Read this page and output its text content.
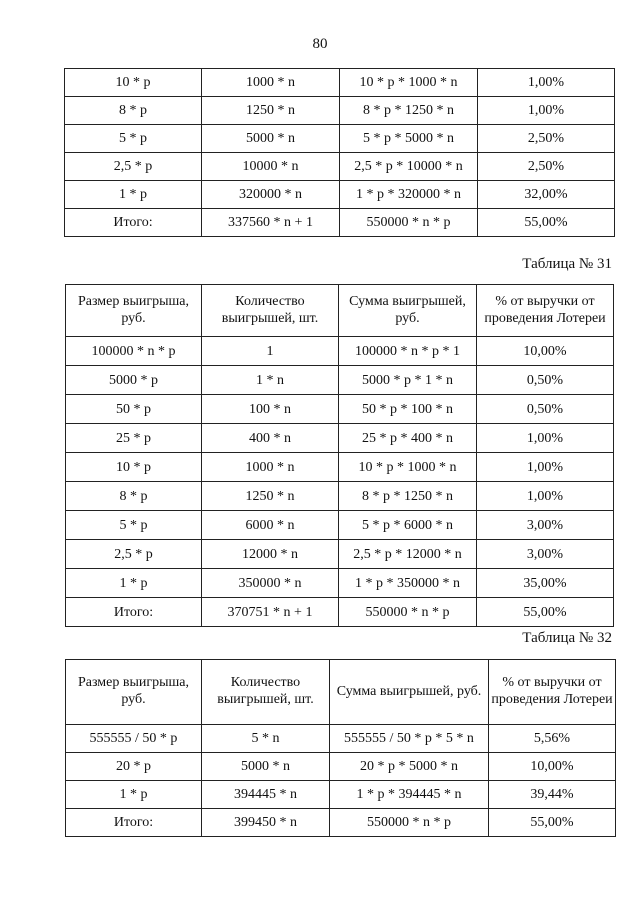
80
10 * р	1000 * n	10 * р * 1000 * n	1,00%
8 * р	1250 * n	8 * р * 1250 * n	1,00%
5 * р	5000 * n	5 * р * 5000 * n	2,50%
2,5 * р	10000 * n	2,5 * р * 10000 * n	2,50%
1 * р	320000 * n	1 * р * 320000 * n	32,00%
Итого:	337560 * n + 1	550000 * n * р	55,00%
Таблица № 31
Размер выигрыша, руб.	Количество выигрышей, шт.	Сумма выигрышей, руб.	% от выручки от проведения Лотереи
100000 * n * р	1	100000 * n * р * 1	10,00%
5000 * р	1 * n	5000 * р * 1 * n	0,50%
50 * р	100 * n	50 * р * 100 * n	0,50%
25 * р	400 * n	25 * р * 400 * n	1,00%
10 * р	1000 * n	10 * р * 1000 * n	1,00%
8 * р	1250 * n	8 * р * 1250 * n	1,00%
5 * р	6000 * n	5 * р * 6000 * n	3,00%
2,5 * р	12000 * n	2,5 * р * 12000 * n	3,00%
1 * р	350000 * n	1 * р * 350000 * n	35,00%
Итого:	370751 * n + 1	550000 * n * р	55,00%
Таблица № 32
Размер выигрыша, руб.	Количество выигрышей, шт.	Сумма выигрышей, руб.	% от выручки от проведения Лотереи
555555 / 50 * р	5 * n	555555 / 50 * р * 5 * n	5,56%
20 * р	5000 * n	20 * р * 5000 * n	10,00%
1 * р	394445 * n	1 * р * 394445 * n	39,44%
Итого:	399450 * n	550000 * n * р	55,00%
